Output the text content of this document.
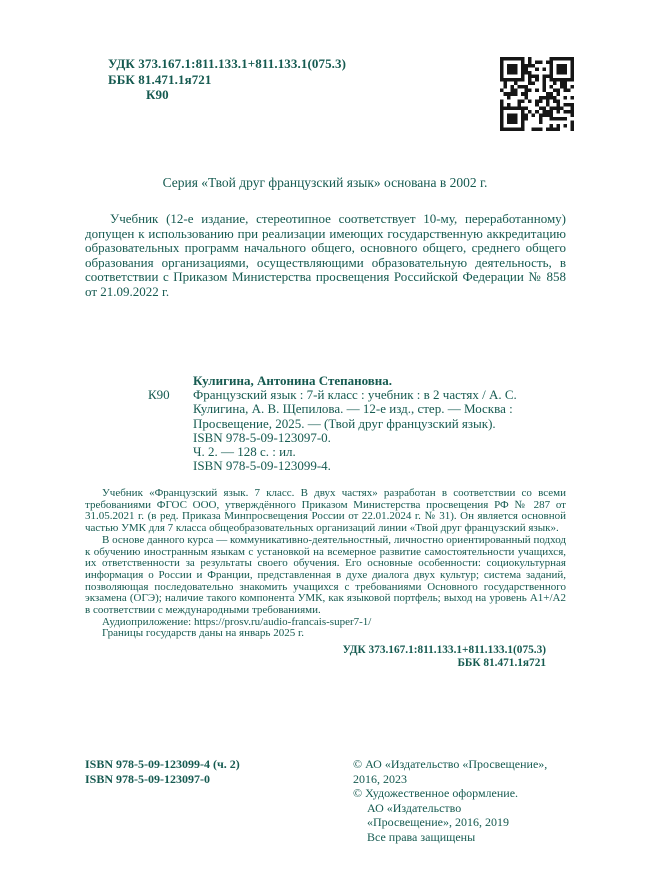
УДК 373.167.1:811.133.1+811.133.1(075.3)
ББК 81.471.1я721
К90
Серия «Твой друг французский язык» основана в 2002 г.

Учебник (12-е издание, стереотипное соответствует 10-му, переработанному) допущен к использованию при реализации имеющих государственную аккредитацию образовательных программ начального общего, основного общего, среднего общего образования организациями, осуществляющими образовательную деятельность, в соответствии с Приказом Министерства просвещения Российской Федерации № 858 от 21.09.2022 г.

Кулигина, Антонина Степановна.
К90 Французский язык : 7-й класс : учебник : в 2 частях / А. С. Кулигина, А. В. Щепилова. — 12-е изд., стер. — Москва : Просвещение, 2025. — (Твой друг французский язык).
ISBN 978-5-09-123097-0.
Ч. 2. — 128 с. : ил.
ISBN 978-5-09-123099-4.

Учебник «Французский язык. 7 класс. В двух частях» разработан в соответствии со всеми требованиями ФГОС ООО, утверждённого Приказом Министерства просвещения РФ № 287 от 31.05.2021 г. (в ред. Приказа Минпросвещения России от 22.01.2024 г. № 31). Он является основной частью УМК для 7 класса общеобразовательных организаций линии «Твой друг французский язык».

В основе данного курса — коммуникативно-деятельностный, личностно ориентированный подход к обучению иностранным языкам с установкой на всемерное развитие самостоятельности учащихся, их ответственности за результаты своего обучения. Его основные особенности: социокультурная информация о России и Франции, представленная в духе диалога двух культур; система заданий, позволяющая последовательно знакомить учащихся с требованиями Основного государственного экзамена (ОГЭ); наличие такого компонента УМК, как языковой портфель; выход на уровень А1+/А2 в соответствии с международными требованиями.

Аудиоприложение: https://prosv.ru/audio-francais-super7-1/

Границы государств даны на январь 2025 г.

УДК 373.167.1:811.133.1+811.133.1(075.3)
ББК 81.471.1я721
ISBN 978-5-09-123099-4 (ч. 2)
ISBN 978-5-09-123097-0
© АО «Издательство «Просвещение», 2016, 2023
© Художественное оформление.
АО «Издательство «Просвещение», 2016, 2019
Все права защищены
